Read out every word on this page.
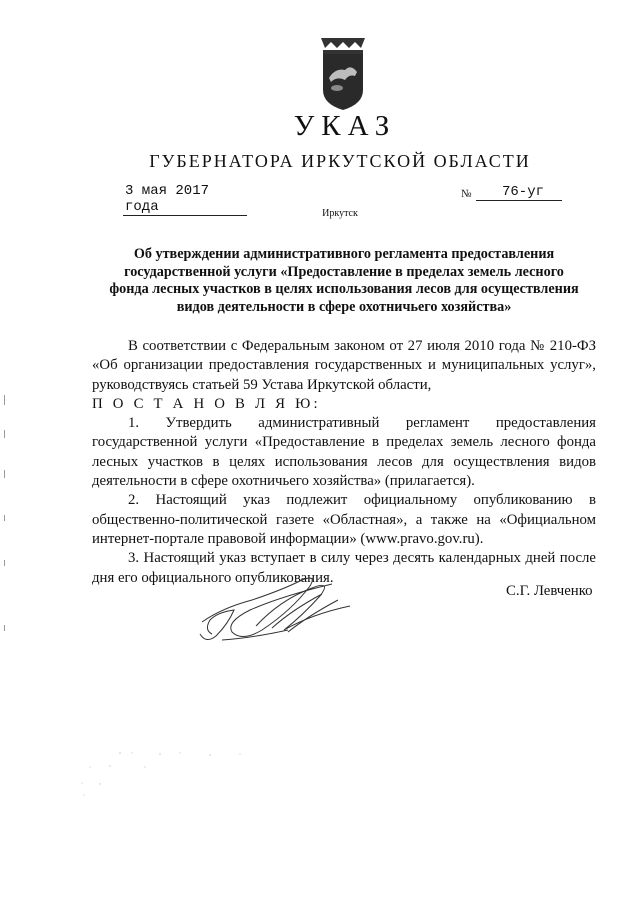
УКАЗ
ГУБЕРНАТОРА ИРКУТСКОЙ ОБЛАСТИ
3 мая 2017 года
№	76-уг
Иркутск
Об утверждении административного регламента предоставления государственной услуги «Предоставление в пределах земель лесного фонда лесных участков в целях использования лесов для осуществления видов деятельности в сфере охотничьего хозяйства»

В соответствии с Федеральным законом от 27 июля 2010 года № 210-ФЗ «Об организации предоставления государственных и муниципальных услуг», руководствуясь статьей 59 Устава Иркутской области,

П О С Т А Н О В Л Я Ю:

1. Утвердить административный регламент предоставления государственной услуги «Предоставление в пределах земель лесного фонда лесных участков в целях использования лесов для осуществления видов деятельности в сфере охотничьего хозяйства» (прилагается).

2. Настоящий указ подлежит официальному опубликованию в общественно-политической газете «Областная», а также на «Официальном интернет-портале правовой информации» (www.pravo.gov.ru).

3. Настоящий указ вступает в силу через десять календарных дней после дня его официального опубликования.

С.Г. Левченко
